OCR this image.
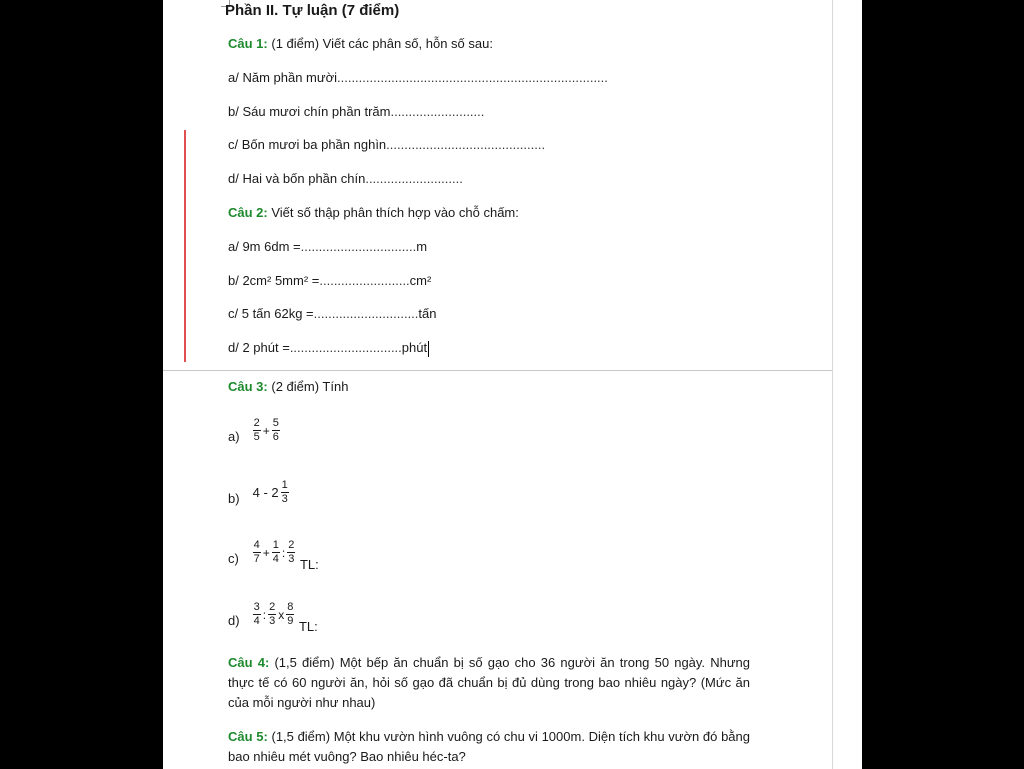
Phần II. Tự luận (7 điểm)
Câu 1: (1 điểm) Viết các phân số, hỗn số sau:
a/ Năm phần mười...........................................................................
b/ Sáu mươi chín phần trăm..........................
c/ Bốn mươi ba phần nghìn............................................
d/ Hai và bốn phần chín...........................
Câu 2: Viết số thập phân thích hợp vào chỗ chấm:
a/ 9m 6dm =................................m
b/ 2cm² 5mm² =.........................cm²
c/ 5 tấn 62kg =.............................tấn
d/ 2 phút =...............................phút
Câu 3: (2 điểm) Tính
$a) \frac{2}{5} + \frac{5}{6}$
b) $4 - 2 \frac{1}{3}$
$c) \frac{4}{7} + \frac{1}{4}$ : $\frac{2}{3}$ TL:
$d) \frac{3}{4}$ : $\frac{2}{3}$ x $\frac{8}{9}$ TL:
Câu 4: (1,5 điểm) Một bếp ăn chuẩn bị số gạo cho 36 người ăn trong 50 ngày. Nhưng thực tế có 60 người ăn, hỏi số gạo đã chuẩn bị đủ dùng trong bao nhiêu ngày? (Mức ăn của mỗi người như nhau)
Câu 5: (1,5 điểm) Một khu vườn hình vuông có chu vi 1000m. Diện tích khu vườn đó bằng bao nhiêu mét vuông? Bao nhiêu héc-ta?
